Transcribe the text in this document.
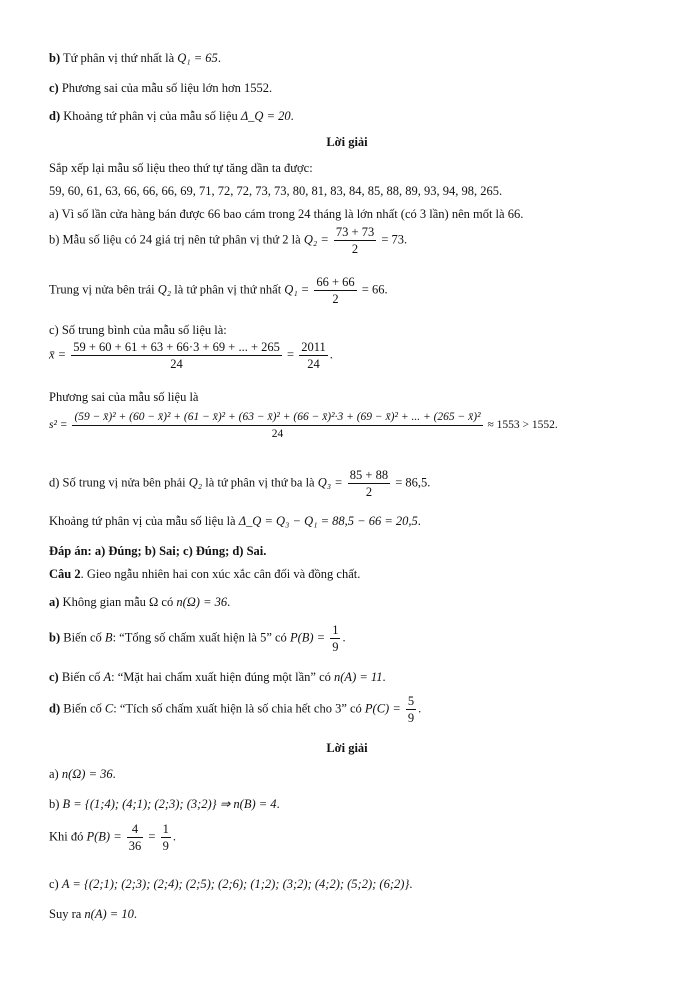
b) Tứ phân vị thứ nhất là Q₁ = 65.
c) Phương sai của mẫu số liệu lớn hơn 1552.
d) Khoảng tứ phân vị của mẫu số liệu Δ_Q = 20.
Lời giải
Sắp xếp lại mẫu số liệu theo thứ tự tăng dần ta được:
59, 60, 61, 63, 66, 66, 66, 69, 71, 72, 72, 73, 73, 80, 81, 83, 84, 85, 88, 89, 93, 94, 98, 265.
a) Vì số lần cửa hàng bán được 66 bao cám trong 24 tháng là lớn nhất (có 3 lần) nên mốt là 66.
b) Mẫu số liệu có 24 giá trị nên tứ phân vị thứ 2 là $Q_2 = \frac{73 + 73}{2} = 73$.
Trung vị nửa bên trái Q₂ là tứ phân vị thứ nhất $Q_1 = \frac{66 + 66}{2} = 66$.
c) Số trung bình của mẫu số liệu là:
x̄ = $\frac{59 + 60 + 61 + 63 + 66\cdot 3 + 69 + ... + 265}{24} = \frac{2011}{24}$ .
Phương sai của mẫu số liệu là
s² =
(59 − x̄)² + (60 − x̄)² + (61 − x̄)² + (63 − x̄)² + (66 − x̄)²·3 + (69 − x̄)² + ... + (265 − x̄)²
24
≈ 1553 > 1552.
d) Số trung vị nửa bên phải Q₂ là tứ phân vị thứ ba là $Q_3 = \frac{85 + 88}{2} = 86,5$.
Khoảng tứ phân vị của mẫu số liệu là Δ_Q = Q₃ − Q₁ = 88,5 − 66 = 20,5.
Đáp án: a) Đúng; b) Sai; c) Đúng; d) Sai.
Câu 2. Gieo ngẫu nhiên hai con xúc xắc cân đối và đồng chất.
a) Không gian mẫu Ω có n(Ω) = 36.
b) Biến cố B: “Tổng số chấm xuất hiện là 5” có $P(B) = \frac{1}{9}$ .
c) Biến cố A: “Mặt hai chấm xuất hiện đúng một lần” có n(A) = 11.
d) Biến cố C: “Tích số chấm xuất hiện là số chia hết cho 3” có $P(C) = \frac{5}{9}$ .
Lời giải
a) n(Ω) = 36.
b) B = {(1;4); (4;1); (2;3); (3;2)} ⇒ n(B) = 4.
Khi đó $P(B) = \frac{4}{36} = \frac{1}{9}$ .
c) A = {(2;1); (2;3); (2;4); (2;5); (2;6); (1;2); (3;2); (4;2); (5;2); (6;2)}.
Suy ra n(A) = 10.
